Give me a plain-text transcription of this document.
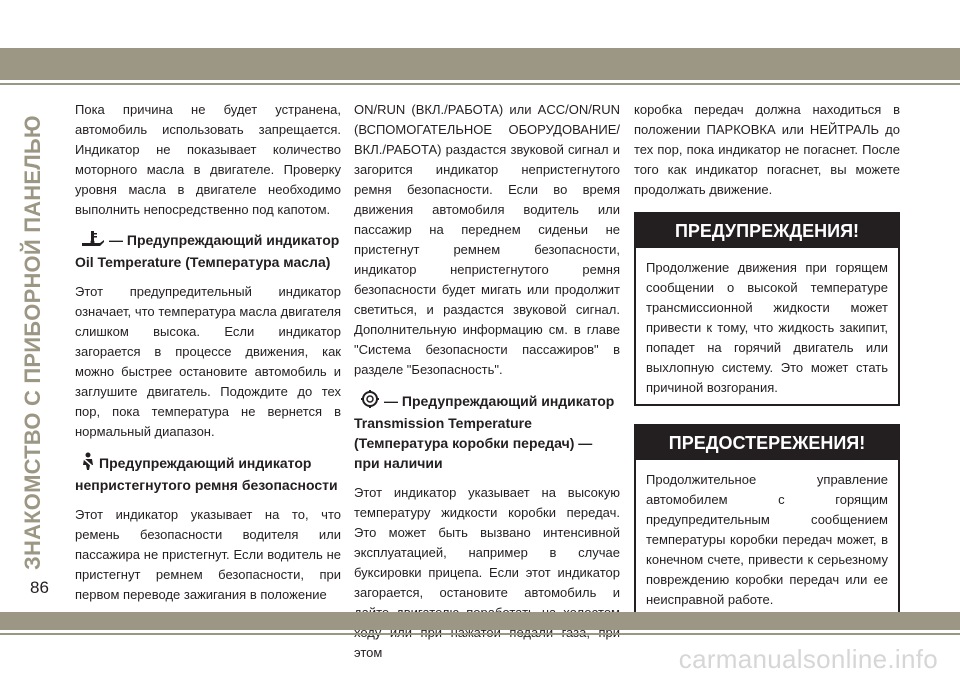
ЗНАКОМСТВО С ПРИБОРНОЙ ПАНЕЛЬЮ
86

Пока причина не будет устранена, автомобиль использовать запрещается. Индикатор не показывает количество моторного масла в двигателе. Проверку уровня масла в двигателе необходимо выполнить непосредственно под капотом.

— Предупреждающий индикатор Oil Temperature (Температура масла)

Этот предупредительный индикатор означает, что температура масла двигателя слишком высока. Если индикатор загорается в процессе движения, как можно быстрее остановите автомобиль и заглушите двигатель. Подождите до тех пор, пока температура не вернется в нормальный диапазон.

Предупреждающий индикатор непристегнутого ремня безопасности

Этот индикатор указывает на то, что ремень безопасности водителя или пассажира не пристегнут. Если водитель не пристегнут ремнем безопасности, при первом переводе зажигания в положение

ON/RUN (ВКЛ./РАБОТА) или ACC/ON/RUN (ВСПОМОГАТЕЛЬНОЕ ОБОРУДОВАНИЕ/ВКЛ./РАБОТА) раздастся звуковой сигнал и загорится индикатор непристегнутого ремня безопасности. Если во время движения автомобиля водитель или пассажир на переднем сиденьи не пристегнут ремнем безопасности, индикатор непристегнутого ремня безопасности будет мигать или продолжит светиться, и раздастся звуковой сигнал. Дополнительную информацию см. в главе "Система безопасности пассажиров" в разделе "Безопасность".

— Предупреждающий индикатор Transmission Temperature (Температура коробки передач) — при наличии

Этот индикатор указывает на высокую температуру жидкости коробки передач. Это может быть вызвано интенсивной эксплуатацией, например в случае буксировки прицепа. Если этот индикатор загорается, остановите автомобиль и этом

коробка передач должна находиться в положении ПАРКОВКА или НЕЙТРАЛЬ до тех пор, пока индикатор не погаснет. После того как индикатор погаснет, вы можете продолжать движение.

ПРЕДУПРЕЖДЕНИЯ!

Продолжение движения при горящем сообщении о высокой температуре трансмиссионной жидкости может привести к тому, что жидкость закипит, попадет на горячий двигатель или выхлопную систему. Это может стать причиной возгорания.

ПРЕДОСТЕРЕЖЕНИЯ!

Продолжительное управление автомобилем с горящим предупредительным сообщением температуры коробки передач может, в конечном счете, привести к серьезному повреждению коробки передач или ее неисправной работе.

carmanualsonline.info
